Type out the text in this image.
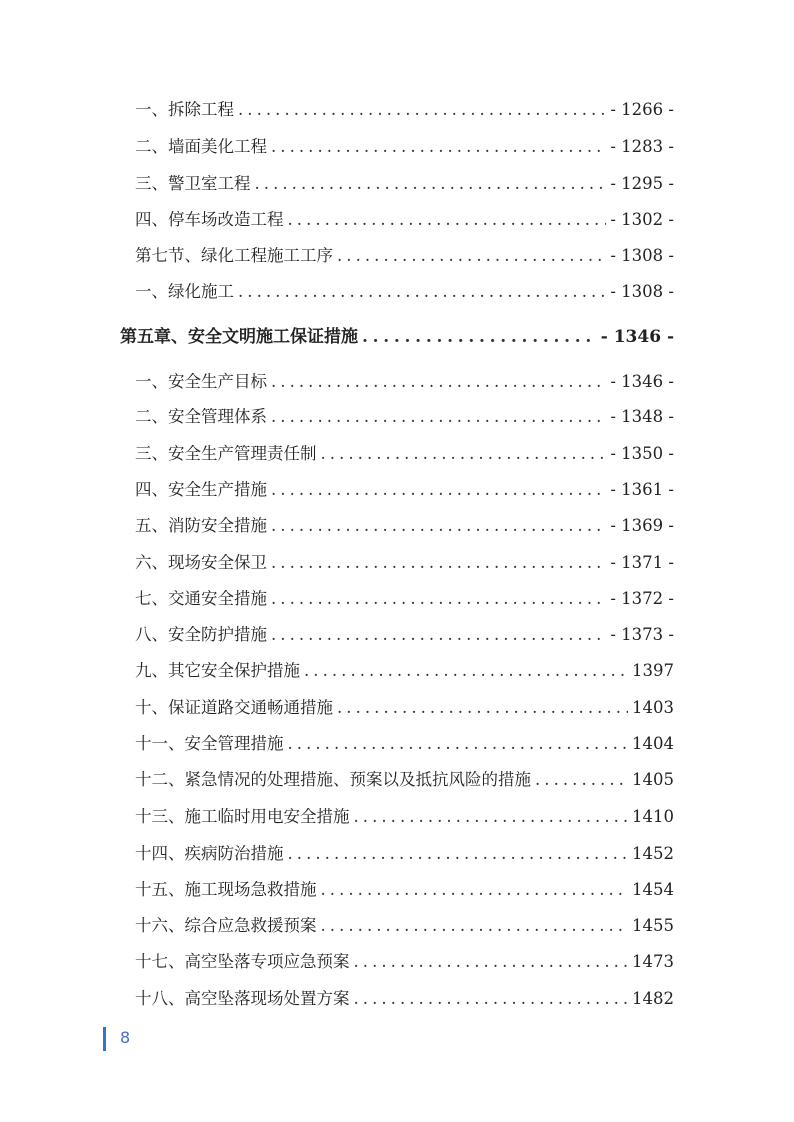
一、拆除工程 . . .	- 1266 -
二、墙面美化工程 . . .	- 1283 -
三、警卫室工程 . . .	- 1295 -
四、停车场改造工程 . . .	- 1302 -
第七节、绿化工程施工工序 . . .	- 1308 -
一、绿化施工 . . .	- 1308 -
第五章、安全文明施工保证措施 . . .	- 1346 -
一、安全生产目标 . . .	- 1346 -
二、安全管理体系 . . .	- 1348 -
三、安全生产管理责任制 . . .	- 1350 -
四、安全生产措施 . . .	- 1361 -
五、消防安全措施 . . .	- 1369 -
六、现场安全保卫 . . .	- 1371 -
七、交通安全措施 . . .	- 1372 -
八、安全防护措施 . . .	- 1373 -
九、其它安全保护措施 . . .	1397
十、保证道路交通畅通措施 . . .	1403
十一、安全管理措施 . . .	1404
十二、紧急情况的处理措施、预案以及抵抗风险的措施 . . .	1405
十三、施工临时用电安全措施 . . .	1410
十四、疾病防治措施 . . .	1452
十五、施工现场急救措施 . . .	1454
十六、综合应急救援预案 . . .	1455
十七、高空坠落专项应急预案 . . .	1473
十八、高空坠落现场处置方案 . . .	1482
8
